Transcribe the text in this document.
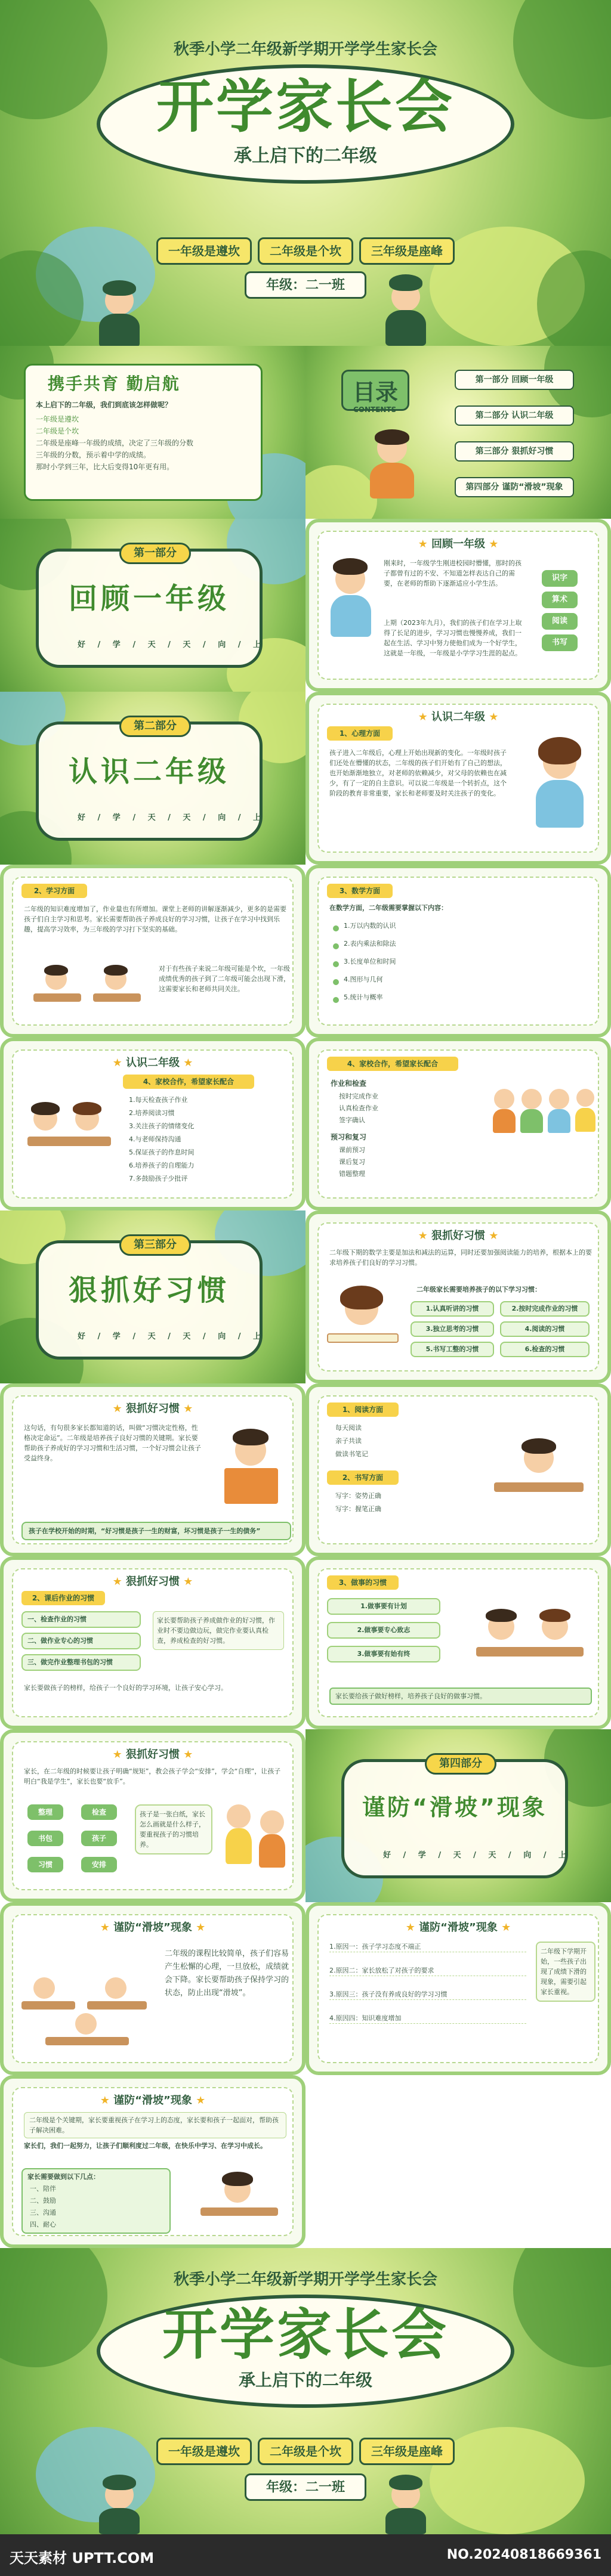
秋季小学二年级新学期开学学生家长会
开学家长会
承上启下的二年级
一年级是遵坎	二年级是个坎	三年级是座峰
年级：二一班
携手共育 勤启航
本上启下的二年级，我们到底该怎样做呢？
一年级是遵坎
二年级是个坎
二年级是座峰一年级的成绩，决定了三年级的分数
三年级的分数，预示着中学的成绩。
那时小学到三年，比大后变得10年更有用。
目录
CONTENTS
第一部分 回顾一年级
第二部分 认识二年级
第三部分 狠抓好习惯
第四部分 谨防“滑坡”现象
第一部分
回顾一年级
好 / 学 / 天 / 天 / 向 / 上
★ 回顾一年级 ★
刚来时，一年级学生刚进校园时懵懂，那时的孩子都曾有过的不安、不知道怎样表达自己的需要，在老师的帮助下逐渐适应小学生活。
上期（2023年九月），我们的孩子们在学习上取得了长足的进步，学习习惯也慢慢养成，我们一起在生活、学习中努力使他们成为一个好学生，这就是一年级，一年级是小学学习生涯的起点。
识字
算术
阅读
书写
第二部分
认识二年级
好 / 学 / 天 / 天 / 向 / 上
★ 认识二年级 ★
1、心理方面
孩子进入二年级后，心理上开始出现新的变化。一年级时孩子们还处在懵懂的状态，二年级的孩子们开始有了自己的想法，也开始渐渐地独立，对老师的依赖减少，对父母的依赖也在减少，有了一定的自主意识。可以说二年级是一个转折点，这个阶段的教育非常重要，家长和老师要及时关注孩子的变化。
2、学习方面
二年级的知识难度增加了，作业量也有所增加。课堂上老师的讲解逐渐减少，更多的是需要孩子们自主学习和思考。家长需要帮助孩子养成良好的学习习惯，让孩子在学习中找到乐趣，提高学习效率，为三年级的学习打下坚实的基础。
对于有些孩子来说二年级可能是个坎，一年级成绩优秀的孩子到了二年级可能会出现下滑，这需要家长和老师共同关注。
3、数学方面
在数学方面，二年级需要掌握以下内容：
1.万以内数的认识
2.表内乘法和除法
3.长度单位和时间
4.图形与几何
5.统计与概率
★ 认识二年级 ★
4、家校合作，希望家长配合
1.每天检查孩子作业
2.培养阅读习惯
3.关注孩子的情绪变化
4.与老师保持沟通
5.保证孩子的作息时间
6.培养孩子的自理能力
7.多鼓励孩子少批评
4、家校合作，希望家长配合
作业和检查
按时完成作业
认真检查作业
签字确认
预习和复习
课前预习
课后复习
错题整理
第三部分
狠抓好习惯
好 / 学 / 天 / 天 / 向 / 上
★ 狠抓好习惯 ★
二年级下期的数学主要是加法和减法的运算，同时还要加强阅读能力的培养，根据本上的要求培养孩子们良好的学习习惯。
二年级家长需要培养孩子的以下学习习惯：
1.认真听讲的习惯	2.按时完成作业的习惯
3.独立思考的习惯	4.阅读的习惯
5.书写工整的习惯	6.检查的习惯
★ 狠抓好习惯 ★
这句话，有句很多家长都知道的话，叫做“习惯决定性格，性格决定命运”。二年级是培养孩子良好习惯的关键期。家长要帮助孩子养成好的学习习惯和生活习惯，一个好习惯会让孩子受益终身。
孩子在学校开始的时期，“好习惯是孩子一生的财富，坏习惯是孩子一生的债务”
1、阅读方面
每天阅读
亲子共读
做读书笔记
2、书写方面
写字：姿势正确
写字：握笔正确
★ 狠抓好习惯 ★
2、课后作业的习惯
一、检查作业的习惯
二、做作业专心的习惯
三、做完作业整理书包的习惯
家长要帮助孩子养成做作业的好习惯，作业时不要边做边玩，做完作业要认真检查，养成检查的好习惯。
家长要做孩子的榜样，给孩子一个良好的学习环境，让孩子安心学习。
3、做事的习惯
1.做事要有计划
2.做事要专心致志
3.做事要有始有终
家长要给孩子做好榜样，培养孩子良好的做事习惯。
★ 狠抓好习惯 ★
家长，在二年级的时候要让孩子明确“规矩”，教会孩子学会“安排”，学会“自理”，让孩子明白“我是学生”，家长也要“放手”。
整理	检查
书包	孩子
习惯	安排
孩子是一张白纸，家长怎么画就是什么样子，要重视孩子的习惯培养。
第四部分
谨防“滑坡”现象
好 / 学 / 天 / 天 / 向 / 上
★ 谨防“滑坡”现象 ★
二年级的课程比较简单，孩子们容易产生松懈的心理，一旦放松，成绩就会下降。家长要帮助孩子保持学习的状态，防止出现“滑坡”。
★ 谨防“滑坡”现象 ★
1.原因一：孩子学习态度不端正
2.原因二：家长放松了对孩子的要求
3.原因三：孩子没有养成良好的学习习惯
4.原因四：知识难度增加
二年级下学期开始，一些孩子出现了成绩下滑的现象，需要引起家长重视。
★ 谨防“滑坡”现象 ★
二年级是个关键期，家长要重视孩子在学习上的态度，家长要和孩子一起面对，帮助孩子解决困难。
家长们，我们一起努力，让孩子们顺利度过二年级，在快乐中学习、在学习中成长。
家长需要做到以下几点：
一、陪伴
二、鼓励
三、沟通
四、耐心
秋季小学二年级新学期开学学生家长会
开学家长会
承上启下的二年级
一年级是遵坎	二年级是个坎	三年级是座峰
年级：二一班
天天素材 UPTT.COM	NO.20240818669361
